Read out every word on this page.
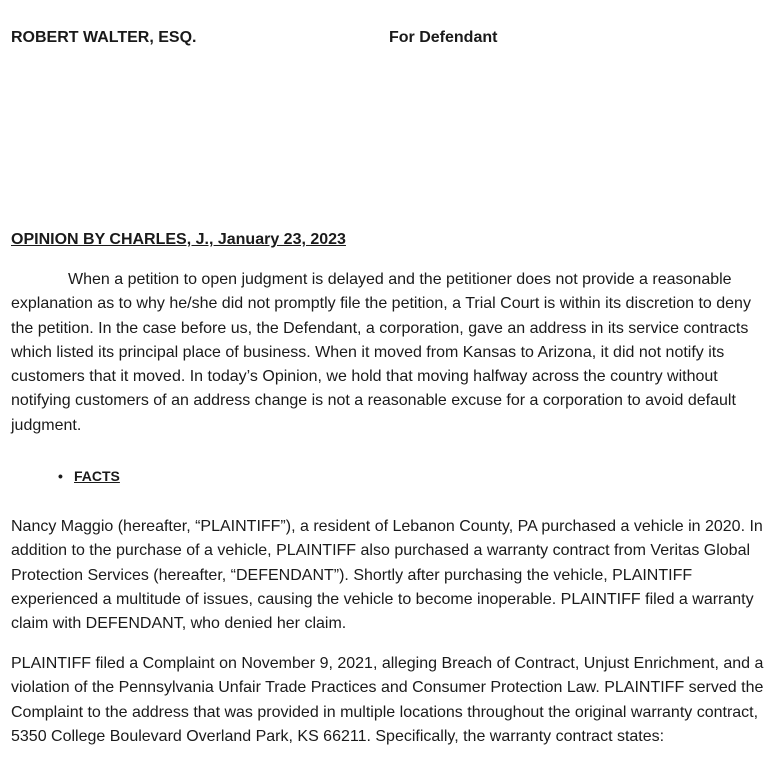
ROBERT WALTER, ESQ.	For Defendant
OPINION BY CHARLES, J., January 23, 2023

When a petition to open judgment is delayed and the petitioner does not provide a reasonable explanation as to why he/she did not promptly file the petition, a Trial Court is within its discretion to deny the petition. In the case before us, the Defendant, a corporation, gave an address in its service contracts which listed its principal place of business. When it moved from Kansas to Arizona, it did not notify its customers that it moved. In today’s Opinion, we hold that moving halfway across the country without notifying customers of an address change is not a reasonable excuse for a corporation to avoid default judgment.

• FACTS

Nancy Maggio (hereafter, “PLAINTIFF”), a resident of Lebanon County, PA purchased a vehicle in 2020. In addition to the purchase of a vehicle, PLAINTIFF also purchased a warranty contract from Veritas Global Protection Services (hereafter, “DEFENDANT”). Shortly after purchasing the vehicle, PLAINTIFF experienced a multitude of issues, causing the vehicle to become inoperable. PLAINTIFF filed a warranty claim with DEFENDANT, who denied her claim.

PLAINTIFF filed a Complaint on November 9, 2021, alleging Breach of Contract, Unjust Enrichment, and a violation of the Pennsylvania Unfair Trade Practices and Consumer Protection Law. PLAINTIFF served the Complaint to the address that was provided in multiple locations throughout the original warranty contract, 5350 College Boulevard Overland Park, KS 66211. Specifically, the warranty contract states:
